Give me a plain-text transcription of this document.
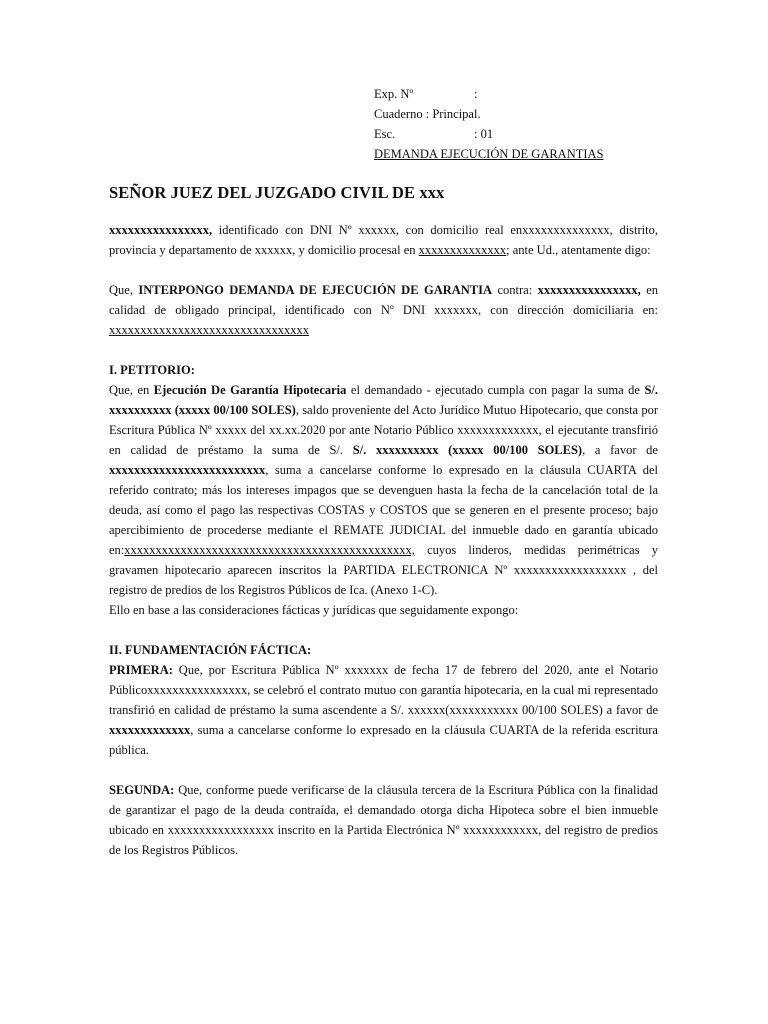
Exp. Nº	:
Cuaderno : Principal.
Esc.	: 01
DEMANDA EJECUCIÓN DE GARANTIAS
SEÑOR JUEZ DEL JUZGADO CIVIL DE xxx

xxxxxxxxxxxxxxxx, identificado con DNI Nº xxxxxx, con domicilio real enxxxxxxxxxxxxxx, distrito, provincia y departamento de xxxxxx, y domicilio procesal en xxxxxxxxxxxxxx; ante Ud., atentamente digo:

Que, INTERPONGO DEMANDA DE EJECUCIÓN DE GARANTIA contra: xxxxxxxxxxxxxxxx, en calidad de obligado principal, identificado con Nº DNI xxxxxxx, con dirección domiciliaria en: xxxxxxxxxxxxxxxxxxxxxxxxxxxxxxxx

I. PETITORIO:

Que, en Ejecución De Garantía Hipotecaria el demandado - ejecutado cumpla con pagar la suma de S/. xxxxxxxxxx (xxxxx 00/100 SOLES), saldo proveniente del Acto Jurídico Mutuo Hipotecario, que consta por Escritura Pública Nº xxxxx del xx.xx.2020 por ante Notario Público xxxxxxxxxxxxx, el ejecutante transfirió en calidad de préstamo la suma de S/. S/. xxxxxxxxxx (xxxxx 00/100 SOLES), a favor de xxxxxxxxxxxxxxxxxxxxxxxxx, suma a cancelarse conforme lo expresado en la cláusula CUARTA del referido contrato; más los intereses impagos que se devenguen hasta la fecha de la cancelación total de la deuda, así como el pago las respectivas COSTAS y COSTOS que se generen en el presente proceso; bajo apercibimiento de procederse mediante el REMATE JUDICIAL del inmueble dado en garantía ubicado en:xxxxxxxxxxxxxxxxxxxxxxxxxxxxxxxxxxxxxxxxxxxxxx, cuyos linderos, medidas perimétricas y gravamen hipotecario aparecen inscritos la PARTIDA ELECTRONICA Nº xxxxxxxxxxxxxxxxxx , del registro de predios de los Registros Públicos de Ica. (Anexo 1-C).

Ello en base a las consideraciones fácticas y jurídicas que seguidamente expongo:

II. FUNDAMENTACIÓN FÁCTICA:

PRIMERA: Que, por Escritura Pública Nº xxxxxxx de fecha 17 de febrero del 2020, ante el Notario Públicoxxxxxxxxxxxxxxxx, se celebró el contrato mutuo con garantía hipotecaria, en la cual mi representado transfirió en calidad de préstamo la suma ascendente a S/. xxxxxx(xxxxxxxxxxx 00/100 SOLES) a favor de xxxxxxxxxxxxx, suma a cancelarse conforme lo expresado en la cláusula CUARTA de la referida escritura pública.

SEGUNDA: Que, conforme puede verificarse de la cláusula tercera de la Escritura Pública con la finalidad de garantizar el pago de la deuda contraída, el demandado otorga dicha Hipoteca sobre el bien inmueble ubicado en xxxxxxxxxxxxxxxxx inscrito en la Partida Electrónica Nº xxxxxxxxxxxx, del registro de predios de los Registros Públicos.
